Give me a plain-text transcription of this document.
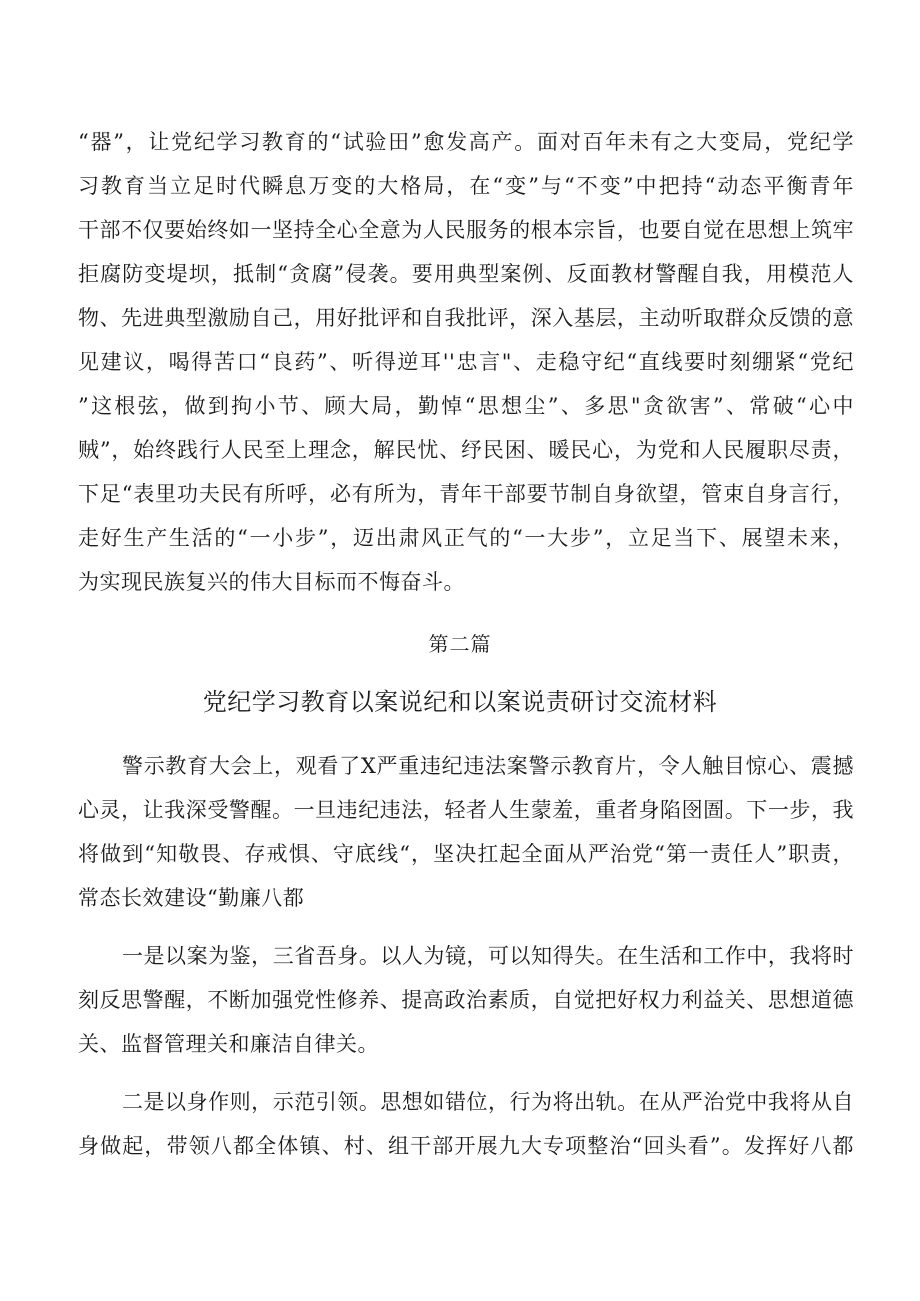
“器”，让党纪学习教育的“试验田”愈发高产。面对百年未有之大变局，党纪学
习教育当立足时代瞬息万变的大格局，在“变”与“不变”中把持“动态平衡青年
干部不仅要始终如一坚持全心全意为人民服务的根本宗旨，也要自觉在思想上筑牢
拒腐防变堤坝，抵制“贪腐”侵袭。要用典型案例、反面教材警醒自我，用模范人
物、先进典型激励自己，用好批评和自我批评，深入基层，主动听取群众反馈的意
见建议，喝得苦口“良药”、听得逆耳''忠言"、走稳守纪“直线要时刻绷紧“党纪
”这根弦，做到拘小节、顾大局，勤悼“思想尘”、多思"贪欲害”、常破“心中
贼”，始终践行人民至上理念，解民忧、纾民困、暖民心，为党和人民履职尽责，
下足“表里功夫民有所呼，必有所为，青年干部要节制自身欲望，管束自身言行，
走好生产生活的“一小步”，迈出肃风正气的“一大步”，立足当下、展望未来，
为实现民族复兴的伟大目标而不悔奋斗。
第二篇
党纪学习教育以案说纪和以案说责研讨交流材料
警示教育大会上，观看了X严重违纪违法案警示教育片，令人触目惊心、震撼
心灵，让我深受警醒。一旦违纪违法，轻者人生蒙羞，重者身陷囹圄。下一步，我
将做到“知敬畏、存戒惧、守底线“，坚决扛起全面从严治党“第一责任人”职责，
常态长效建设“勤廉八都
一是以案为鉴，三省吾身。以人为镜，可以知得失。在生活和工作中，我将时
刻反思警醒，不断加强党性修养、提高政治素质，自觉把好权力利益关、思想道德
关、监督管理关和廉洁自律关。
二是以身作则，示范引领。思想如错位，行为将出轨。在从严治党中我将从自
身做起，带领八都全体镇、村、组干部开展九大专项整治“回头看”。发挥好八都
